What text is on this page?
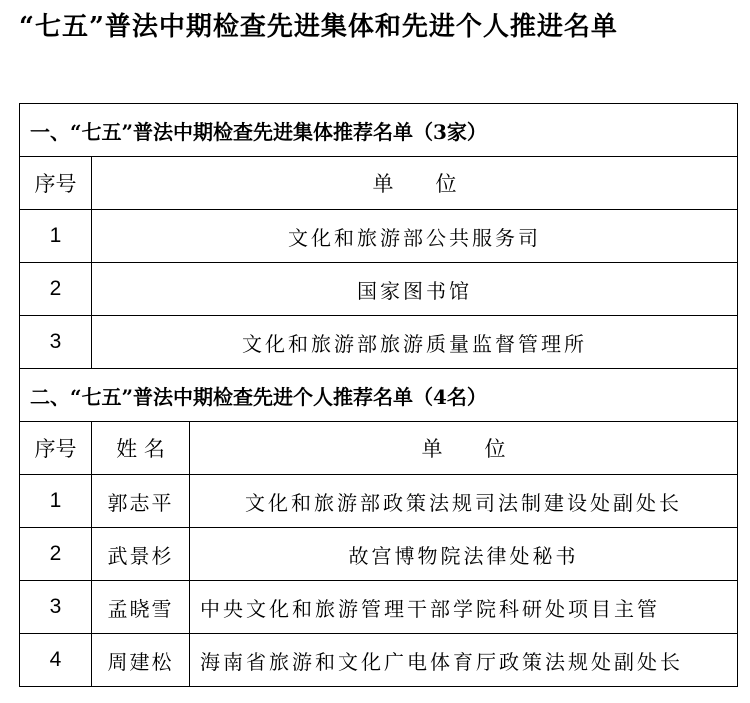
“七五”普法中期检查先进集体和先进个人推进名单
一、“七五”普法中期检查先进集体推荐名单（3家）		
序号	单　　位	
1	文化和旅游部公共服务司	
2	国家图书馆	
3	文化和旅游部旅游质量监督管理所	
二、“七五”普法中期检查先进个人推荐名单（4名）		
序号	姓 名	单　　位
1	郭志平	文化和旅游部政策法规司法制建设处副处长
2	武景杉	故宫博物院法律处秘书
3	孟晓雪	中央文化和旅游管理干部学院科研处项目主管
4	周建松	海南省旅游和文化广电体育厅政策法规处副处长
